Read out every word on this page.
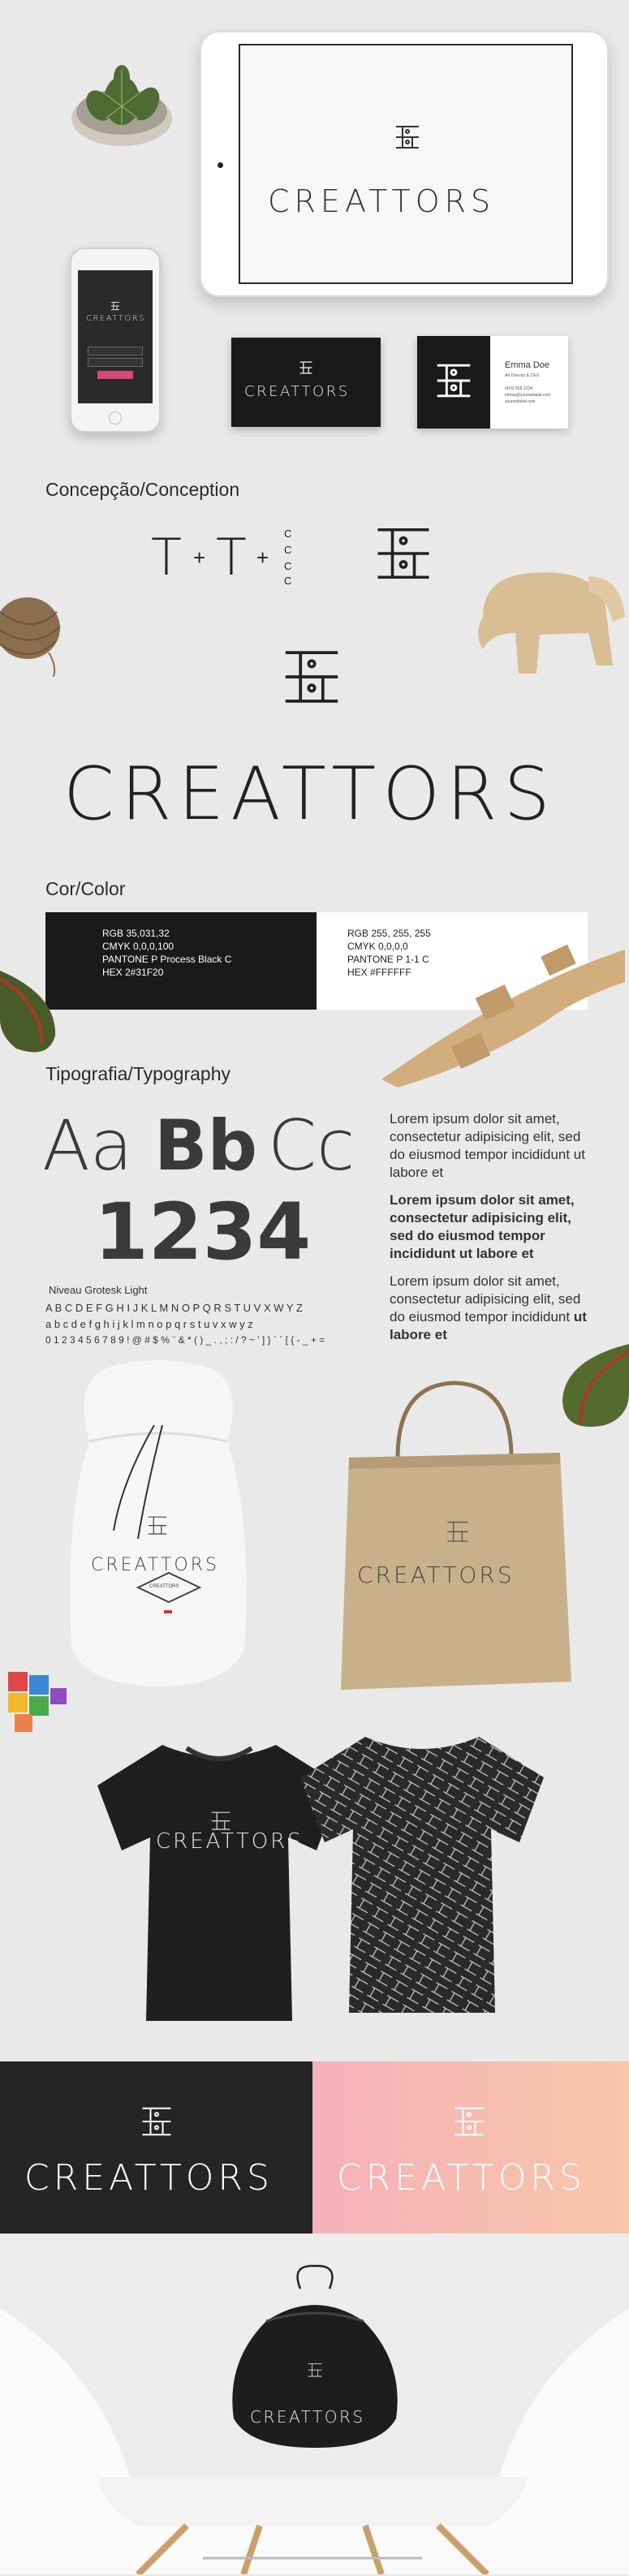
CREATTORS
CREATTORS
CREATTORS
Emma Doe
Art Director & CEO
(415) 555-1234
emma@yourwebsite.com
yourwebsite.com
Concepção/Conception
T + T +
C
C
C
C
CREATTORS
Cor/Color
RGB 35,031,32
CMYK 0,0,0,100
PANTONE P Process Black C
HEX 2#31F20
RGB 255, 255, 255
CMYK 0,0,0,0
PANTONE P 1-1 C
HEX #FFFFFF
Tipografia/Typography
Aa Bb Cc
1234
Niveau Grotesk Light
A B C D E F G H I J K L M N O P Q R S T U V X W Y Z
a b c d e f g h i j k l m n o p q r s t u v x w y z
0 1 2 3 4 5 6 7 8 9 ! @ # $ % ¨ & * ( ) _ . , ; : / ? ~ ' ] } ` ´ [ { - _ + =
Lorem ipsum dolor sit amet, consectetur adipisicing elit, sed do eiusmod tempor incididunt ut labore et
Lorem ipsum dolor sit amet, consectetur adipisicing elit, sed do eiusmod tempor incididunt ut labore et
Lorem ipsum dolor sit amet, consectetur adipisicing elit, sed do eiusmod tempor incididunt ut labore et
CREATTORS
CREATTORS	CREATTORS
CREATTORS
CREATTORS CREATTORS
CREATTORS
